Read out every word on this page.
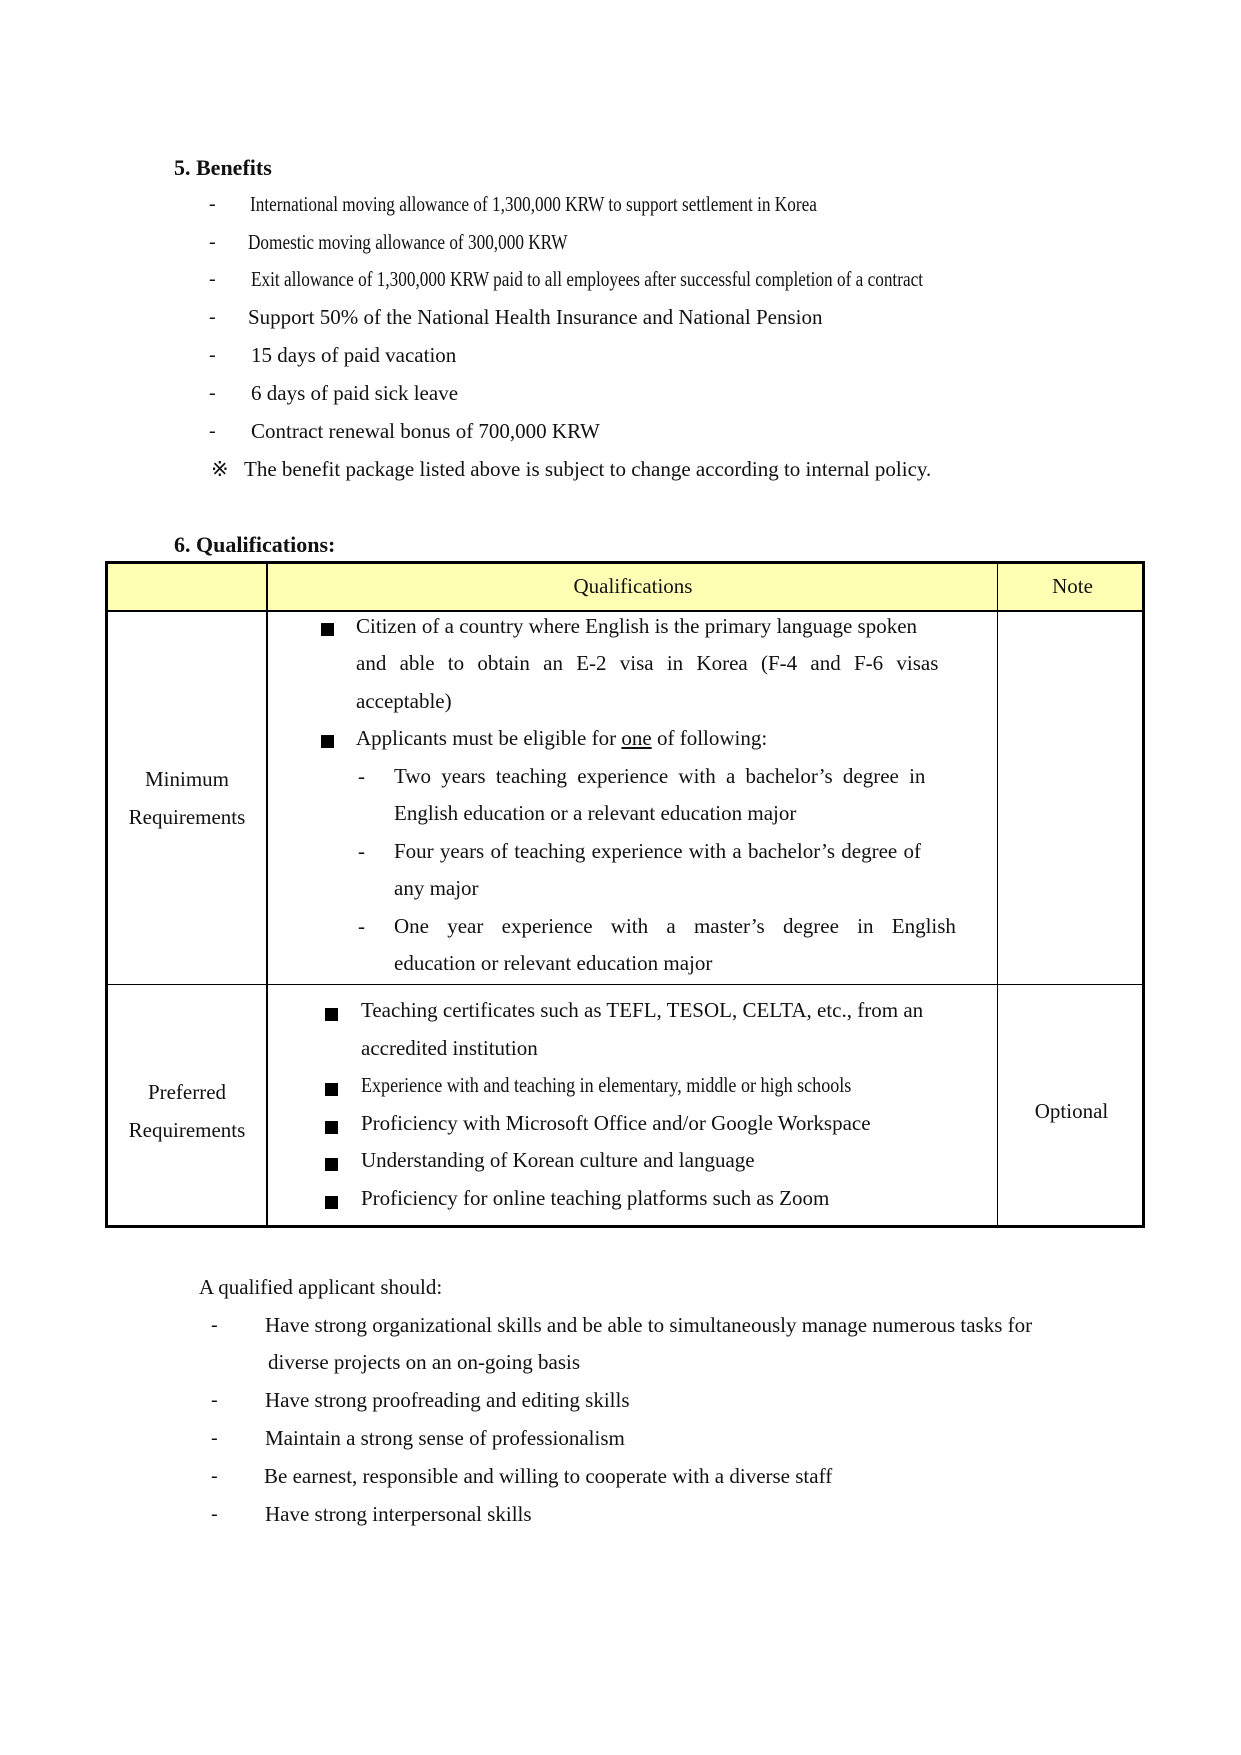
5. Benefits
- International moving allowance of 1,300,000 KRW to support settlement in Korea
- Domestic moving allowance of 300,000 KRW
- Exit allowance of 1,300,000 KRW paid to all employees after successful completion of a contract
- Support 50% of the National Health Insurance and National Pension
- 15 days of paid vacation
- 6 days of paid sick leave
- Contract renewal bonus of 700,000 KRW
※ The benefit package listed above is subject to change according to internal policy.
6. Qualifications:
Qualifications	Note
Minimum
Requirements
Citizen of a country where English is the primary language spoken
and able to obtain an E-2 visa in Korea (F-4 and F-6 visas
acceptable)
Applicants must be eligible for one of following:
- Two years teaching experience with a bachelor’s degree in
English education or a relevant education major
- Four years of teaching experience with a bachelor’s degree of
any major
- One year experience with a master’s degree in English
education or relevant education major
Preferred
Requirements
Optional
Teaching certificates such as TEFL, TESOL, CELTA, etc., from an
accredited institution
Experience with and teaching in elementary, middle or high schools
Proficiency with Microsoft Office and/or Google Workspace
Understanding of Korean culture and language
Proficiency for online teaching platforms such as Zoom
A qualified applicant should:
- Have strong organizational skills and be able to simultaneously manage numerous tasks for
diverse projects on an on-going basis
- Have strong proofreading and editing skills
- Maintain a strong sense of professionalism
- Be earnest, responsible and willing to cooperate with a diverse staff
- Have strong interpersonal skills
